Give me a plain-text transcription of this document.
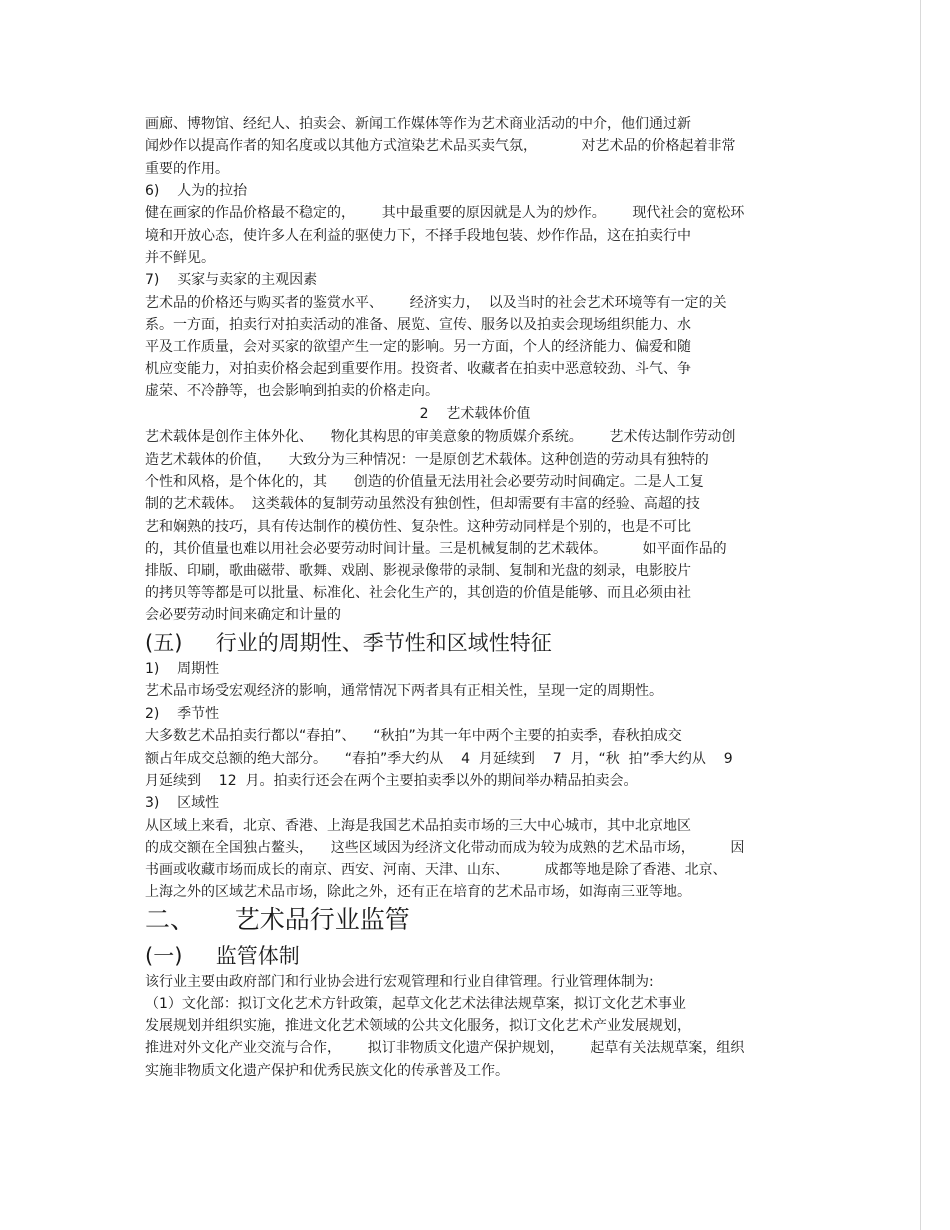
画廊、博物馆、经纪人、拍卖会、新闻工作媒体等作为艺术商业活动的中介，他们通过新
闻炒作以提高作者的知名度或以其他方式渲染艺术品买卖气氛，          对艺术品的价格起着非常
重要的作用。
6)    人为的拉抬
健在画家的作品价格最不稳定的，      其中最重要的原因就是人为的炒作。      现代社会的宽松环
境和开放心态，使许多人在利益的驱使力下，不择手段地包装、炒作作品，这在拍卖行中
并不鲜见。
7)    买家与卖家的主观因素
艺术品的价格还与购买者的鉴赏水平、      经济实力，  以及当时的社会艺术环境等有一定的关
系。一方面，拍卖行对拍卖活动的准备、展览、宣传、服务以及拍卖会现场组织能力、水
平及工作质量，会对买家的欲望产生一定的影响。另一方面，个人的经济能力、偏爱和随
机应变能力，对拍卖价格会起到重要作用。投资者、收藏者在拍卖中恶意较劲、斗气、争
虚荣、不冷静等，也会影响到拍卖的价格走向。
2    艺术载体价值
艺术载体是创作主体外化、    物化其构思的审美意象的物质媒介系统。      艺术传达制作劳动创
造艺术载体的价值，    大致分为三种情况：一是原创艺术载体。这种创造的劳动具有独特的
个性和风格，是个体化的，其      创造的价值量无法用社会必要劳动时间确定。二是人工复
制的艺术载体。  这类载体的复制劳动虽然没有独创性，但却需要有丰富的经验、高超的技
艺和娴熟的技巧，具有传达制作的模仿性、复杂性。这种劳动同样是个别的，也是不可比
的，其价值量也难以用社会必要劳动时间计量。三是机械复制的艺术载体。        如平面作品的
排版、印刷，歌曲磁带、歌舞、戏剧、影视录像带的录制、复制和光盘的刻录，电影胶片
的拷贝等等都是可以批量、标准化、社会化生产的，其创造的价值是能够、而且必须由社
会必要劳动时间来确定和计量的
(五)     行业的周期性、季节性和区域性特征
1)    周期性
艺术品市场受宏观经济的影响，通常情况下两者具有正相关性，呈现一定的周期性。
2)    季节性
大多数艺术品拍卖行都以“春拍”、    “秋拍”为其一年中两个主要的拍卖季，春秋拍成交
额占年成交总额的绝大部分。    “春拍”季大约从    4  月延续到    7  月，“秋  拍”季大约从    9
月延续到    12  月。拍卖行还会在两个主要拍卖季以外的期间举办精品拍卖会。
3)    区域性
从区域上来看，北京、香港、上海是我国艺术品拍卖市场的三大中心城市，其中北京地区
的成交额在全国独占鳌头，    这些区域因为经济文化带动而成为较为成熟的艺术品市场，        因
书画或收藏市场而成长的南京、西安、河南、天津、山东、        成都等地是除了香港、北京、
上海之外的区域艺术品市场，除此之外，还有正在培育的艺术品市场，如海南三亚等地。
二、     艺术品行业监管
(一)     监管体制
该行业主要由政府部门和行业协会进行宏观管理和行业自律管理。行业管理体制为:
（1）文化部：拟订文化艺术方针政策，起草文化艺术法律法规草案，拟订文化艺术事业
发展规划并组织实施，推进文化艺术领域的公共文化服务，拟订文化艺术产业发展规划，
推进对外文化产业交流与合作，      拟订非物质文化遗产保护规划，      起草有关法规草案，组织
实施非物质文化遗产保护和优秀民族文化的传承普及工作。
